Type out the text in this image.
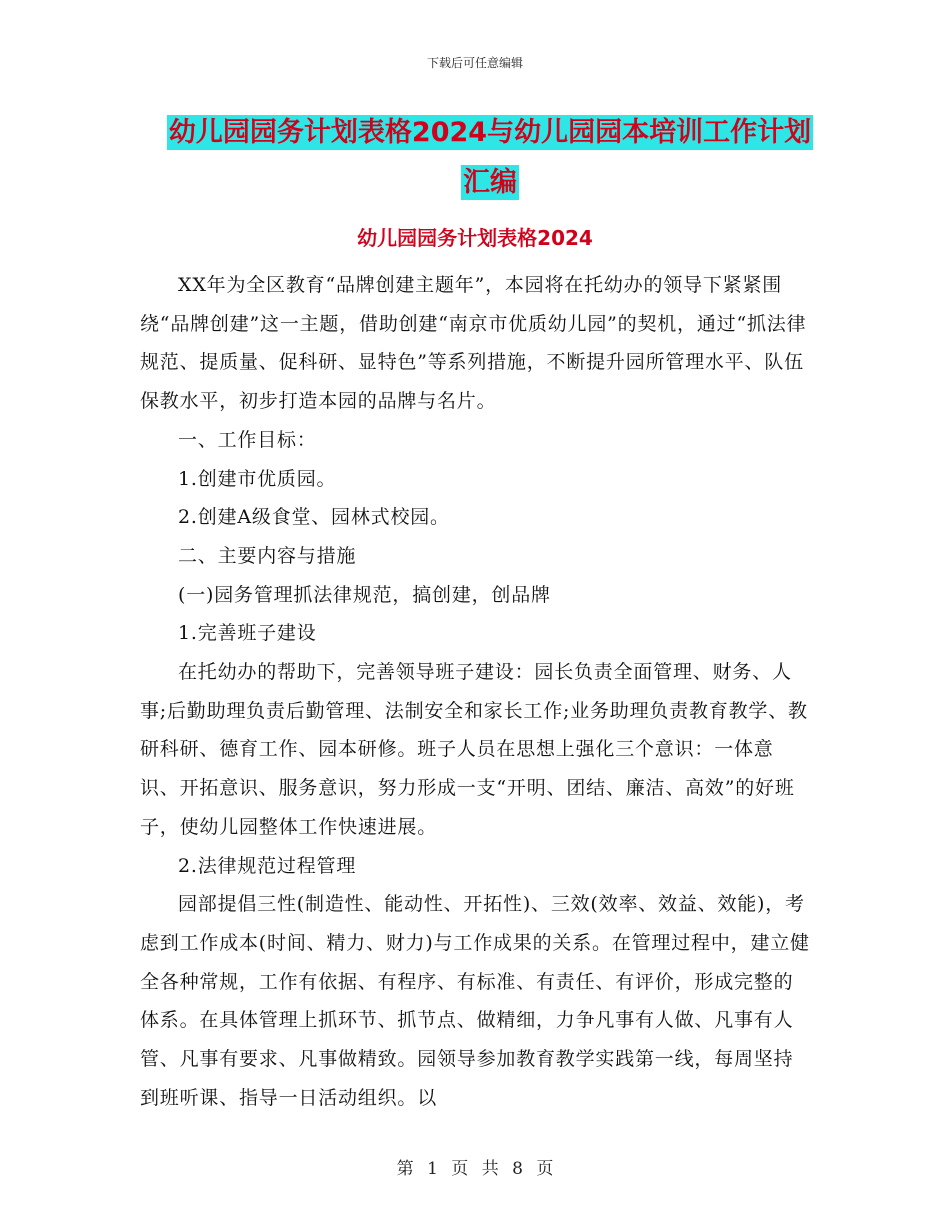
下载后可任意编辑
幼儿园园务计划表格2024与幼儿园园本培训工作计划
汇编
幼儿园园务计划表格2024

XX年为全区教育“品牌创建主题年”，本园将在托幼办的领导下紧紧围绕“品牌创建”这一主题，借助创建“南京市优质幼儿园”的契机，通过“抓法律规范、提质量、促科研、显特色”等系列措施，不断提升园所管理水平、队伍保教水平，初步打造本园的品牌与名片。

一、工作目标：

1.创建市优质园。

2.创建A级食堂、园林式校园。

二、主要内容与措施

(一)园务管理抓法律规范，搞创建，创品牌

1.完善班子建设

在托幼办的帮助下，完善领导班子建设：园长负责全面管理、财务、人事;后勤助理负责后勤管理、法制安全和家长工作;业务助理负责教育教学、教研科研、德育工作、园本研修。班子人员在思想上强化三个意识：一体意识、开拓意识、服务意识，努力形成一支“开明、团结、廉洁、高效”的好班子，使幼儿园整体工作快速进展。

2.法律规范过程管理

园部提倡三性(制造性、能动性、开拓性)、三效(效率、效益、效能)，考虑到工作成本(时间、精力、财力)与工作成果的关系。在管理过程中，建立健全各种常规，工作有依据、有程序、有标准、有责任、有评价，形成完整的体系。在具体管理上抓环节、抓节点、做精细，力争凡事有人做、凡事有人管、凡事有要求、凡事做精致。园领导参加教育教学实践第一线，每周坚持到班听课、指导一日活动组织。以

第 1 页 共 8 页
